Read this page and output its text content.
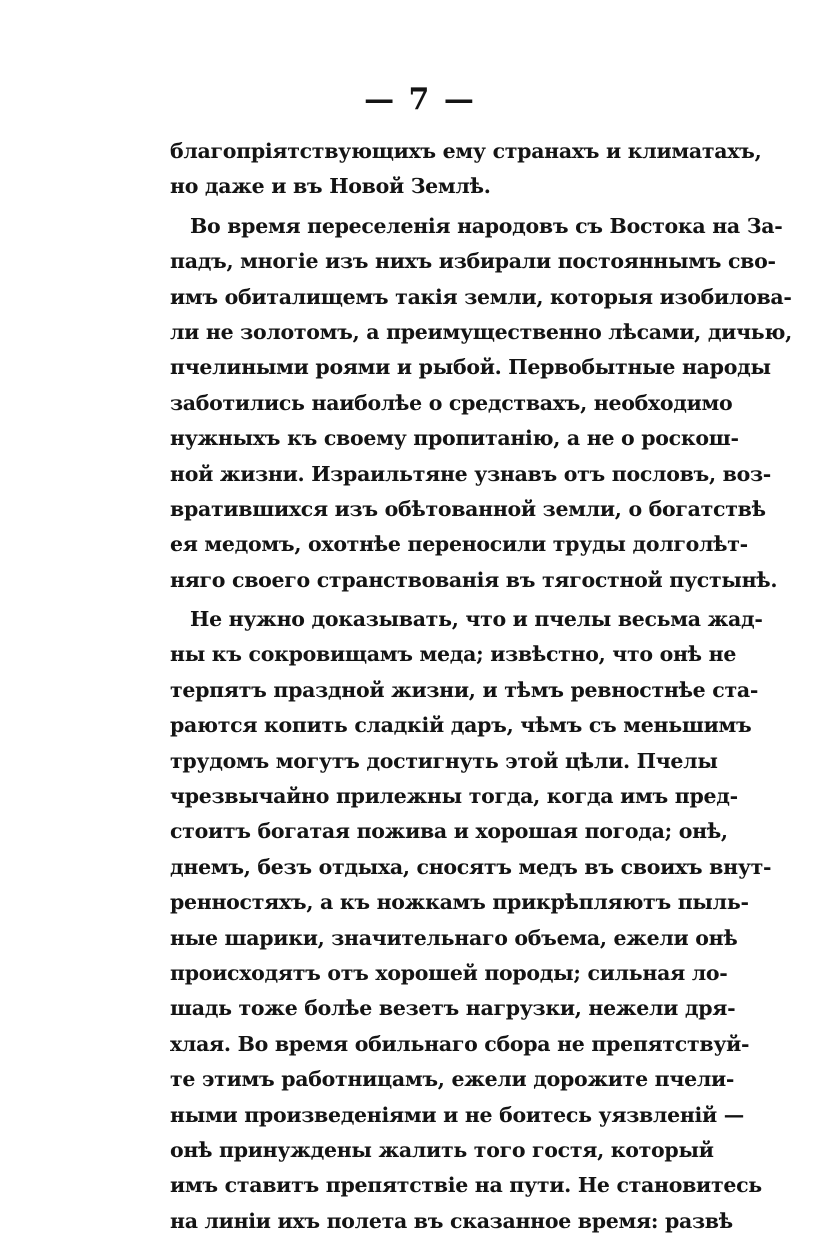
— 7 —
благопріятствующихъ ему странахъ и климатахъ,
но даже и въ Новой Землѣ.
Во время переселенія народовъ съ Востока на За-
падъ, многіе изъ нихъ избирали постояннымъ сво-
имъ обиталищемъ такія земли, которыя изобилова-
ли не золотомъ, а преимущественно лѣсами, дичью,
пчелиными роями и рыбой. Первобытные народы
заботились наиболѣе о средствахъ, необходимо
нужныхъ къ своему пропитанію, а не о роскош-
ной жизни. Израильтяне узнавъ отъ пословъ, воз-
вратившихся изъ обѣтованной земли, о богатствѣ
ея медомъ, охотнѣе переносили труды долголѣт-
няго своего странствованія въ тягостной пустынѣ.
Не нужно доказывать, что и пчелы весьма жад-
ны къ сокровищамъ меда; извѣстно, что онѣ не
терпятъ праздной жизни, и тѣмъ ревностнѣе ста-
раются копить сладкій даръ, чѣмъ съ меньшимъ
трудомъ могутъ достигнуть этой цѣли. Пчелы
чрезвычайно прилежны тогда, когда имъ пред-
стоитъ богатая пожива и хорошая погода; онѣ,
днемъ, безъ отдыха, сносятъ медъ въ своихъ внут-
ренностяхъ, а къ ножкамъ прикрѣпляютъ пыль-
ные шарики, значительнаго объема, ежели онѣ
происходятъ отъ хорошей породы; сильная ло-
шадь тоже болѣе везетъ нагрузки, нежели дря-
хлая. Во время обильнаго сбора не препятствуй-
те этимъ работницамъ, ежели дорожите пчели-
ными произведеніями и не боитесь уязвленій —
онѣ принуждены жалить того гостя, который
имъ ставитъ препятствіе на пути. Не становитесь
на линіи ихъ полета въ сказанное время: развѣ
